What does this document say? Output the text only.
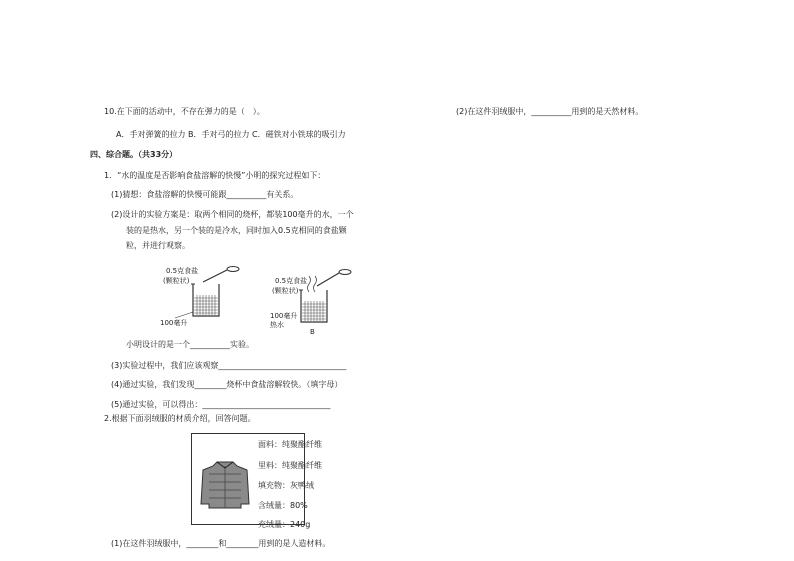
10.在下面的活动中，不存在弹力的是（　）。
A．手对弹簧的拉力 B．手对弓的拉力 C．磁铁对小铁球的吸引力
四、综合题。（共33分）
1．“水的温度是否影响食盐溶解的快慢”小明的探究过程如下：
(1)猜想：食盐溶解的快慢可能跟__________有关系。
(2)设计的实验方案是：取两个相同的烧杯，都装100毫升的水，一个
装的是热水，另一个装的是冷水，同时加入0.5克相同的食盐颗
粒，并进行观察。
0.5克食盐
(颗粒状)
100毫升
0.5克食盐
(颗粒状)
100毫升
热水
B
小明设计的是一个__________实验。
(3)实验过程中，我们应该观察________________________________
(4)通过实验，我们发现________烧杯中食盐溶解较快。（填字母）
(5)通过实验，可以得出：________________________________
2.根据下面羽绒服的材质介绍，回答问题。
面料：纯聚酯纤维
里料：纯聚酯纤维
填充物：灰鸭绒
含绒量：80%
充绒量：240g
(1)在这件羽绒服中，________和________用到的是人造材料。
(2)在这件羽绒服中，__________用到的是天然材料。
